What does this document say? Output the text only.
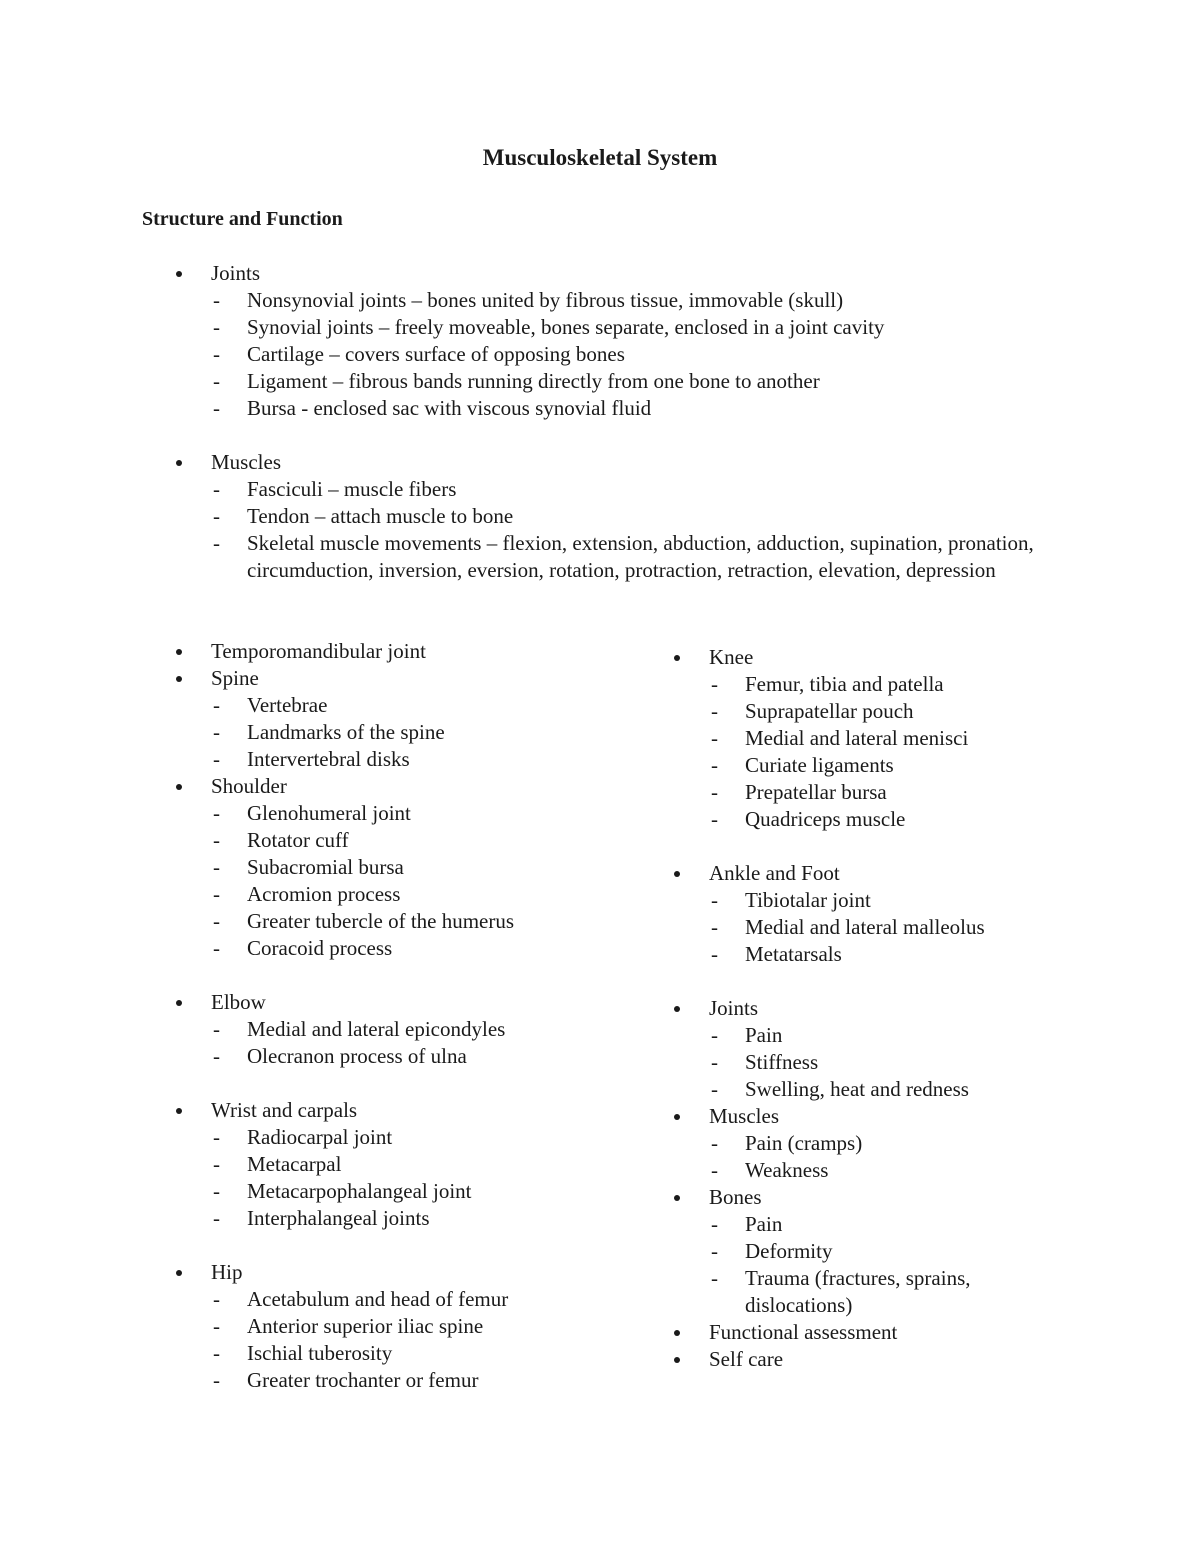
Musculoskeletal System
Structure and Function
Joints
- Nonsynovial joints – bones united by fibrous tissue, immovable (skull)
- Synovial joints – freely moveable, bones separate, enclosed in a joint cavity
- Cartilage – covers surface of opposing bones
- Ligament – fibrous bands running directly from one bone to another
- Bursa - enclosed sac with viscous synovial fluid
Muscles
- Fasciculi – muscle fibers
- Tendon – attach muscle to bone
- Skeletal muscle movements – flexion, extension, abduction, adduction, supination, pronation, circumduction, inversion, eversion, rotation, protraction, retraction, elevation, depression
Temporomandibular joint
Spine
- Vertebrae
- Landmarks of the spine
- Intervertebral disks
Shoulder
- Glenohumeral joint
- Rotator cuff
- Subacromial bursa
- Acromion process
- Greater tubercle of the humerus
- Coracoid process
Elbow
- Medial and lateral epicondyles
- Olecranon process of ulna
Wrist and carpals
- Radiocarpal joint
- Metacarpal
- Metacarpophalangeal joint
- Interphalangeal joints
Hip
- Acetabulum and head of femur
- Anterior superior iliac spine
- Ischial tuberosity
- Greater trochanter or femur
Knee
- Femur, tibia and patella
- Suprapatellar pouch
- Medial and lateral menisci
- Curiate ligaments
- Prepatellar bursa
- Quadriceps muscle
Ankle and Foot
- Tibiotalar joint
- Medial and lateral malleolus
- Metatarsals
Joints
- Pain
- Stiffness
- Swelling, heat and redness
Muscles
- Pain (cramps)
- Weakness
Bones
- Pain
- Deformity
- Trauma (fractures, sprains, dislocations)
Functional assessment
Self care
